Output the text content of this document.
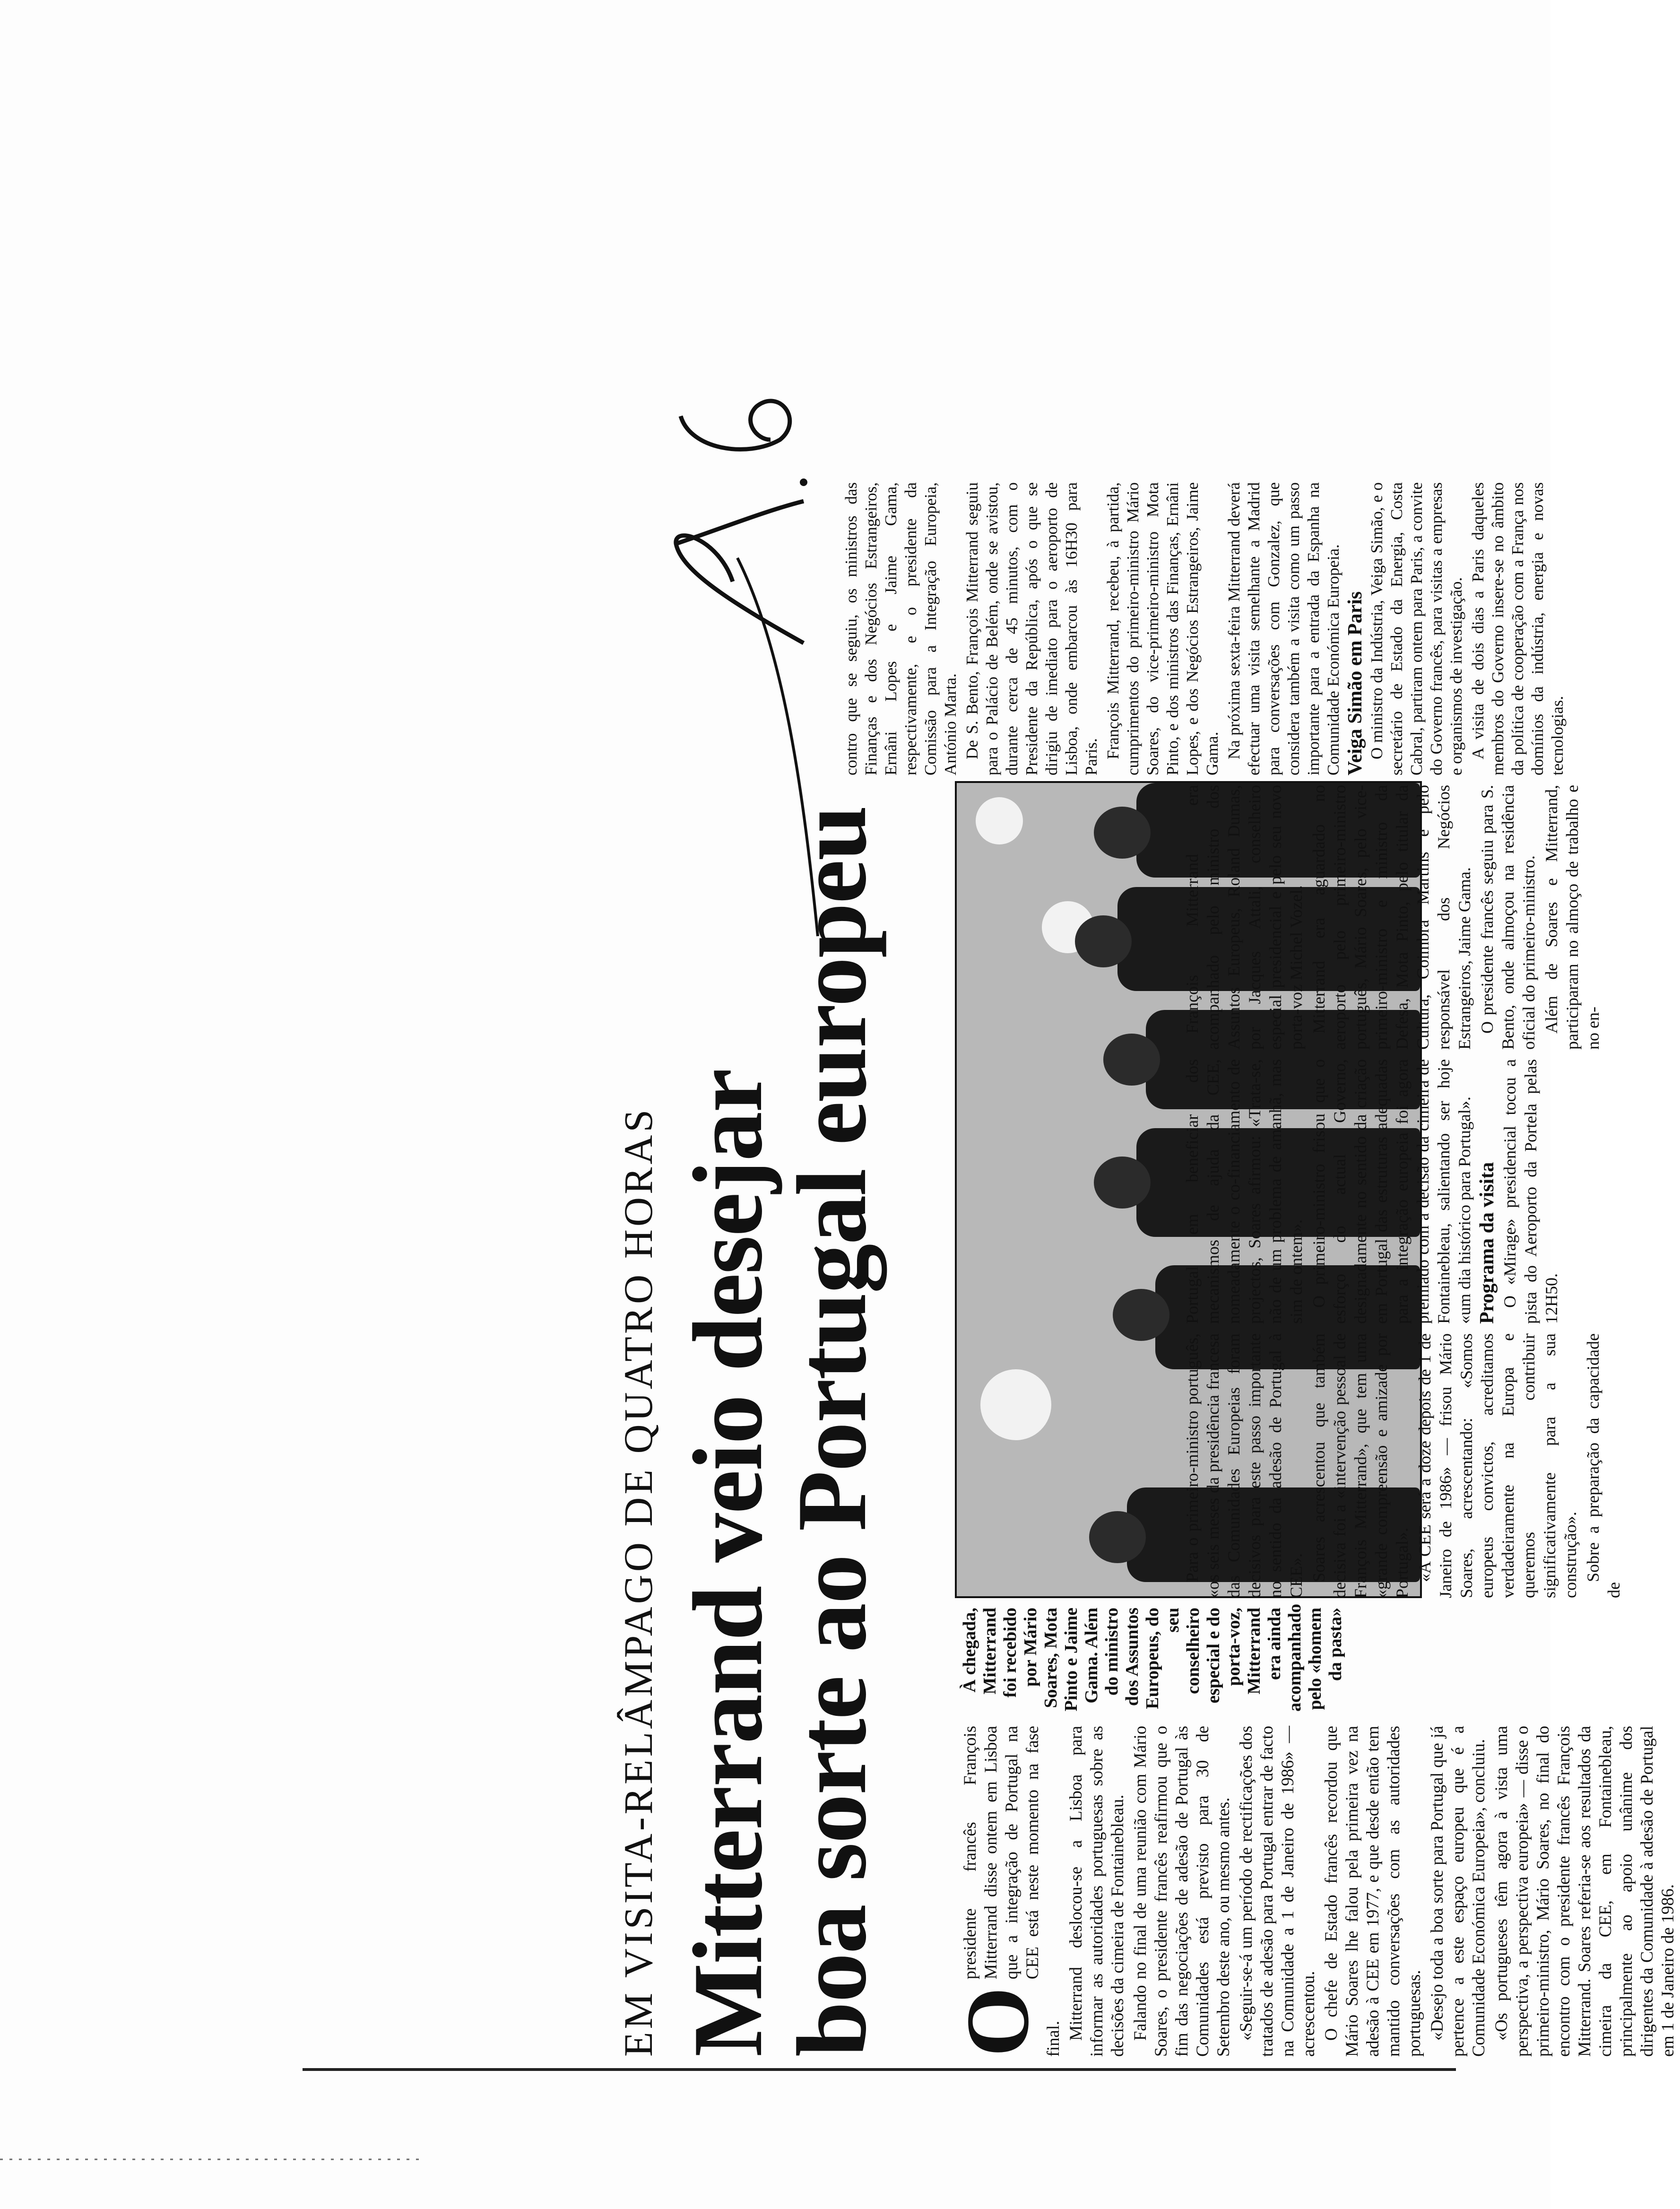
EM VISITA-RELÂMPAGO DE QUATRO HORAS Mitterrand veio desejar
boa sorte ao Portugal europeu O

presidente francês François Mitterrand disse ontem em Lisboa que a integração de Portugal na CEE está neste momento na fase final. Mitterrand deslocou-se a Lisboa para informar as autoridades portuguesas sobre as decisões da cimeira de Fontainebleau. Falando no final de uma reunião com Mário Soares, o presidente francês reafirmou que o fim das negociações de adesão de Portugal às Comunidades está previsto para 30 de Setembro deste ano, ou mesmo antes. «Seguir-se-á um período de rectificações dos tratados de adesão para Portugal entrar de facto na Comunidade a 1 de Janeiro de 1986» — acrescentou. O chefe de Estado francês recordou que Mário Soares lhe falou pela primeira vez na adesão à CEE em 1977, e que desde então tem mantido conversações com as autoridades portuguesas. «Desejo toda a boa sorte para Portugal que já pertence a este espaço europeu que é a Comunidade Económica Europeia», concluiu. «Os portugueses têm agora à vista uma perspectiva, a perspectiva europeia» — disse o primeiro-ministro, Mário Soares, no final do encontro com o presidente francês François Mitterrand. Soares referia-se aos resultados da cimeira da CEE, em Fontainebleau, principalmente ao apoio unânime dos dirigentes da Comunidade à adesão de Portugal em 1 de Janeiro de 1986.

À chegada, Mitterrand foi recebido por Mário Soares, Mota Pinto e Jaime Gama. Além do ministro dos Assuntos Europeus, do seu conselheiro especial e do porta-voz, Mitterrand era ainda acompanhado pelo «homem da pasta»

Para o primeiro-ministro português, «os seis meses da presidência francesa das Comunidades Europeias foram decisivos para este passo importante no sentido da adesão de Portugal à CEE». Soares acrescentou que também decisiva foi a «intervenção pessoal de François Mitterrand», que tem uma «grande compreensão e amizade por Portugal». «A CEE será a doze depois de 1 de Janeiro de 1986» — frisou Mário Soares, acrescentando: «Somos europeus convictos, acreditamos verdadeiramente na Europa e queremos contribuir significativamente para a sua construção». Sobre a preparação da capacidade de

Portugal em beneficiar dos mecanismos de ajuda da CEE, nomeadamente o co-financiamento de projectos, Soares afirmou: «Trata-se, não de um problema de amanhã, mas sim de ontem». O primeiro-ministro frisou que o esforço do actual Governo, designadamente no sentido da criação em Portugal das estruturas adequadas para a integração europeia foi agora premiado com a decisão da cimeira de Fontainebleau, salientando ser hoje «um dia histórico para Portugal». Programa da visita O «Mirage» presidencial tocou a pista do Aeroporto da Portela pelas 12H50.

François Mitterrand era acompanhado pelo ministro dos Assuntos Europeus, Roland Dumas, por Jacques Attali, conselheiro especial presidencial e pelo seu novo porta-voz Michel Vozel. Mitterrand era aguardado no aeroporto pelo primeiro-ministro português, Mário Soares, pelo vice-primeiro-ministro e ministro da Defesa, Mota Pinto, pelo titular da Cultura, Coimbra Martins e pelo responsável dos Negócios Estrangeiros, Jaime Gama. O presidente francês seguiu para S. Bento, onde almoçou na residência oficial do primeiro-ministro. Além de Soares e Mitterrand, participaram no almoço de trabalho e no en-

contro que se seguiu, os ministros das Finanças e dos Negócios Estrangeiros, Ernâni Lopes e Jaime Gama, respectivamente, e o presidente da Comissão para a Integração Europeia, António Marta. De S. Bento, François Mitterrand seguiu para o Palácio de Belém, onde se avistou, durante cerca de 45 minutos, com o Presidente da República, após o que se dirigiu de imediato para o aeroporto de Lisboa, onde embarcou às 16H30 para Paris. François Mitterrand, recebeu, à partida, cumprimentos do primeiro-ministro Mário Soares, do vice-primeiro-ministro Mota Pinto, e dos ministros das Finanças, Ernâni Lopes, e dos Negócios Estrangeiros, Jaime Gama. Na próxima sexta-feira Mitterrand deverá efectuar uma visita semelhante a Madrid para conversações com Gonzalez, que considera também a visita como um passo importante para a entrada da Espanha na Comunidade Económica Europeia. Veiga Simão em Paris O ministro da Indústria, Veiga Simão, e o secretário de Estado da Energia, Costa Cabral, partiram ontem para Paris, a convite do Governo francês, para visitas a empresas e organismos de investigação. A visita de dois dias a Paris daqueles membros do Governo insere-se no âmbito da política de cooperação com a França nos domínios da indústria, energia e novas tecnologias.
